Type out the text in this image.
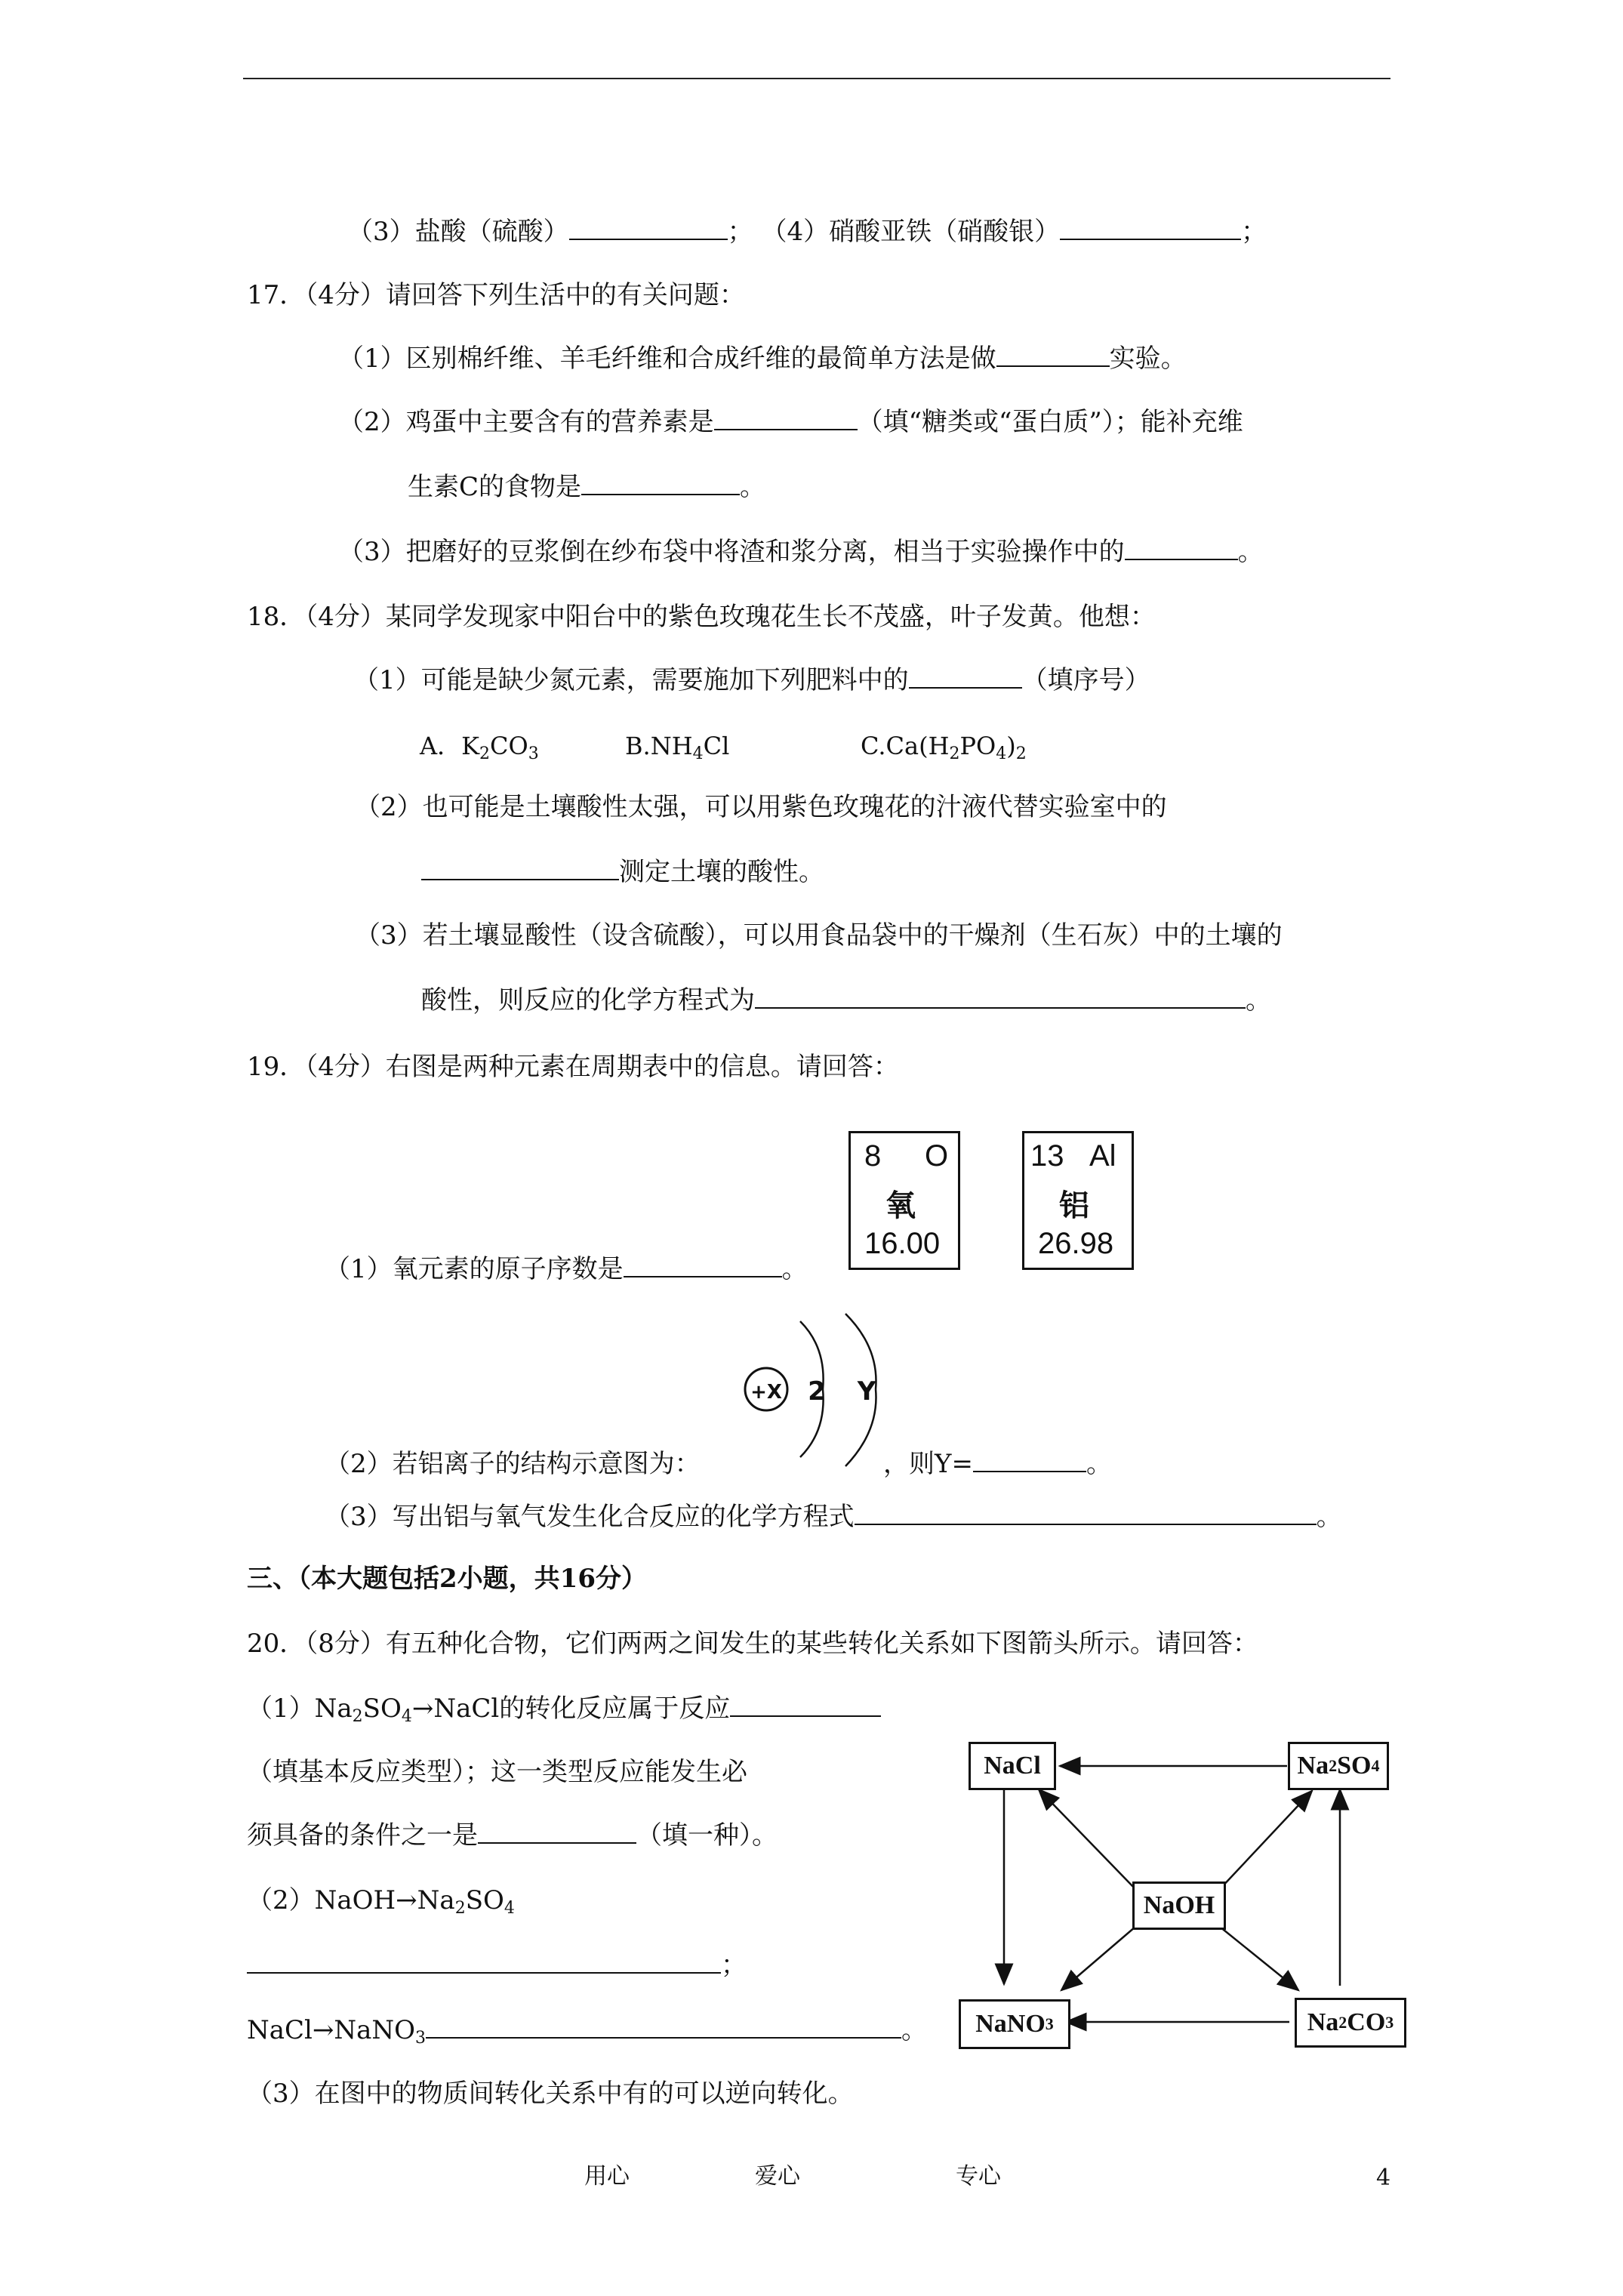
（3）盐酸（硫酸）	； （4）硝酸亚铁（硝酸银）	；
17．（4分）请回答下列生活中的有关问题：
（1）区别棉纤维、羊毛纤维和合成纤维的最简单方法是做	实验。
（2）鸡蛋中主要含有的营养素是	（填“糖类或“蛋白质”）；能补充维
生素C的食物是	。
（3）把磨好的豆浆倒在纱布袋中将渣和浆分离，相当于实验操作中的	。
18．（4分）某同学发现家中阳台中的紫色玫瑰花生长不茂盛，叶子发黄。他想：
（1）可能是缺少氮元素，需要施加下列肥料中的	（填序号）
A．$K_2CO_3$	$B.NH_4Cl$	$C.Ca(H_2PO_4)_2$
（2）也可能是土壤酸性太强，可以用紫色玫瑰花的汁液代替实验室中的
测定土壤的酸性。
（3）若土壤显酸性（设含硫酸），可以用食品袋中的干燥剂（生石灰）中的土壤的
酸性，则反应的化学方程式为	。
19．（4分）右图是两种元素在周期表中的信息。请回答：
8 O
氧
16.00
13 Al
铝
26.98
（1）氧元素的原子序数是	。
+X 2 Y
（2）若铝离子的结构示意图为：	，则Y=	。
（3）写出铝与氧气发生化合反应的化学方程式	。
三、（本大题包括2小题，共16分）
20．（8分）有五种化合物，它们两两之间发生的某些转化关系如下图箭头所示。请回答：
$(1)Na_2SO_4\to NaCl$的转化反应属于反应
（填基本反应类型）；这一类型反应能发生必
须具备的条件之一是	（填一种）。
$(2)NaOH\to Na_2SO_4$
；
NaCl→NaNO$_3$	。
（3）在图中的物质间转化关系中有的可以逆向转化。
NaCl	Na 2 SO 4
NaOH
NaNO 3	Na 2 CO 3
用心	爱心	专心	4
